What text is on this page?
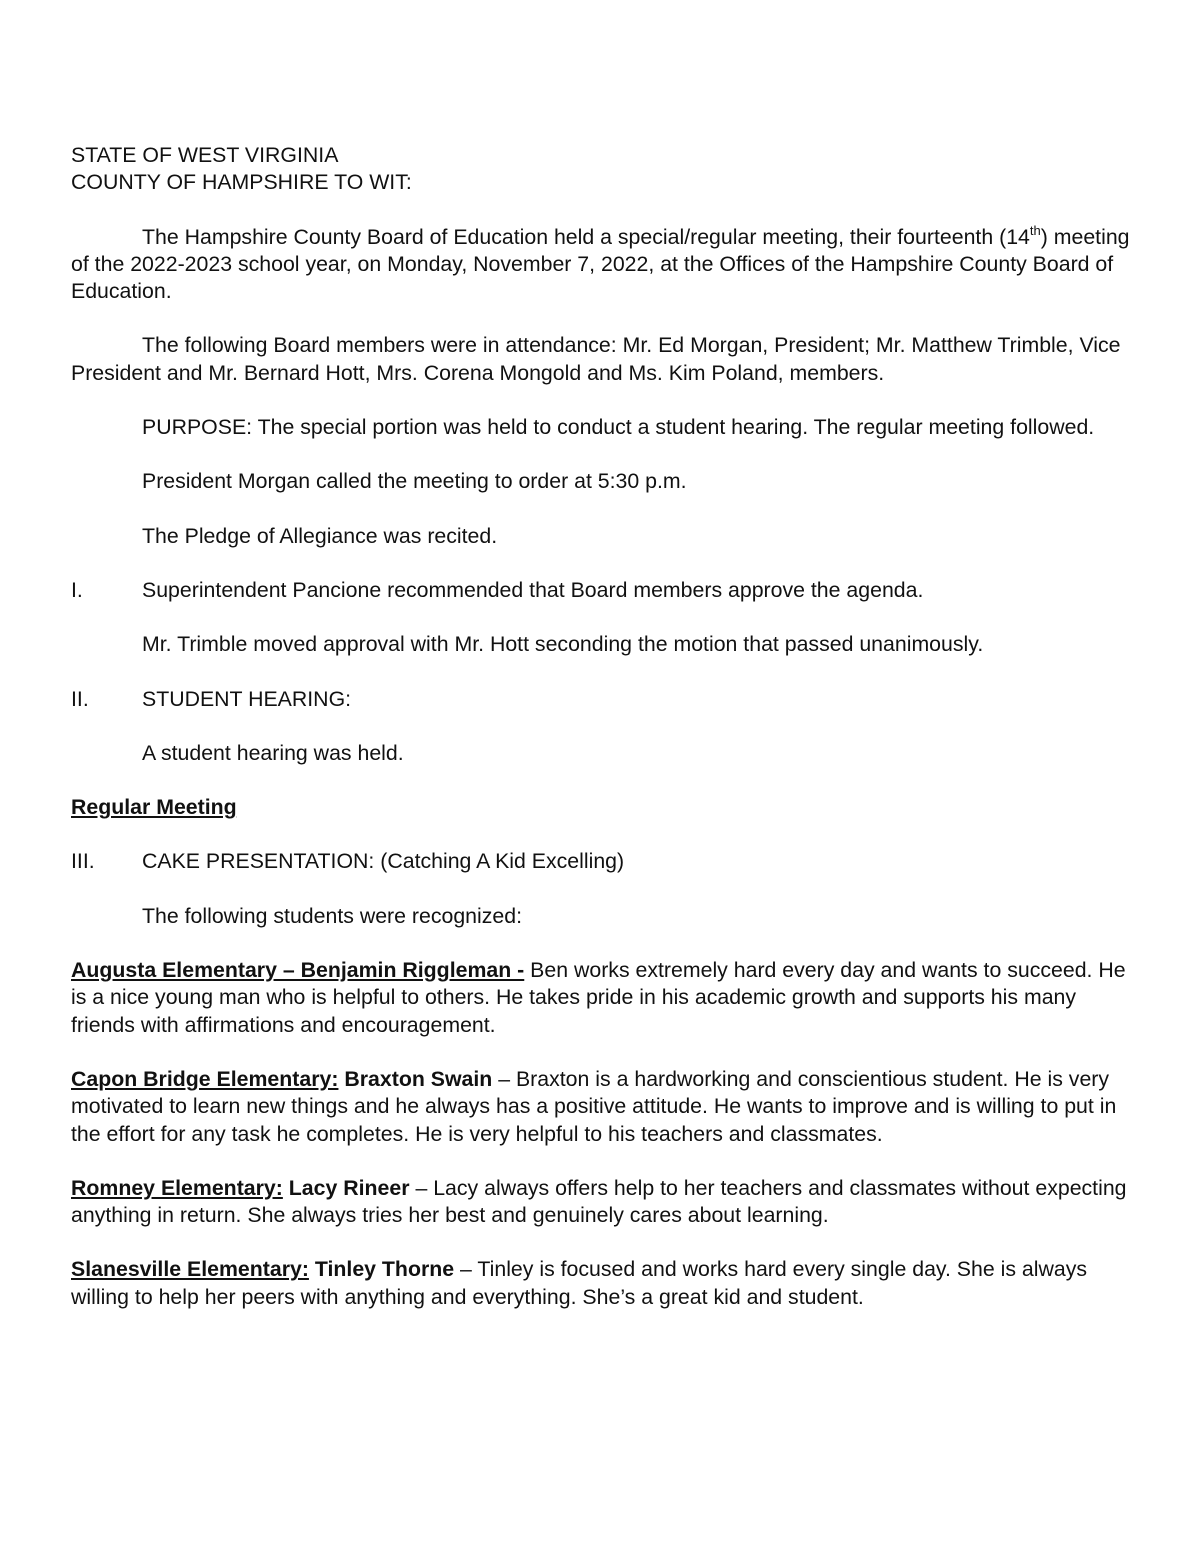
STATE OF WEST VIRGINIA

COUNTY OF HAMPSHIRE TO WIT:

The Hampshire County Board of Education held a special/regular meeting, their fourteenth (14th) meeting of the 2022-2023 school year, on Monday, November 7, 2022, at the Offices of the Hampshire County Board of Education.

The following Board members were in attendance: Mr. Ed Morgan, President; Mr. Matthew Trimble, Vice President and Mr. Bernard Hott, Mrs. Corena Mongold and Ms. Kim Poland, members.

PURPOSE: The special portion was held to conduct a student hearing. The regular meeting followed.

President Morgan called the meeting to order at 5:30 p.m.

The Pledge of Allegiance was recited.

I.	Superintendent Pancione recommended that Board members approve the agenda.

Mr. Trimble moved approval with Mr. Hott seconding the motion that passed unanimously.

II.	STUDENT HEARING:

A student hearing was held.

Regular Meeting

III.	CAKE PRESENTATION: (Catching A Kid Excelling)

The following students were recognized:

Augusta Elementary – Benjamin Riggleman - Ben works extremely hard every day and wants to succeed. He is a nice young man who is helpful to others. He takes pride in his academic growth and supports his many friends with affirmations and encouragement.

Capon Bridge Elementary: Braxton Swain – Braxton is a hardworking and conscientious student. He is very motivated to learn new things and he always has a positive attitude. He wants to improve and is willing to put in the effort for any task he completes. He is very helpful to his teachers and classmates.

Romney Elementary: Lacy Rineer – Lacy always offers help to her teachers and classmates without expecting anything in return. She always tries her best and genuinely cares about learning.

Slanesville Elementary: Tinley Thorne – Tinley is focused and works hard every single day. She is always willing to help her peers with anything and everything. She’s a great kid and student.
